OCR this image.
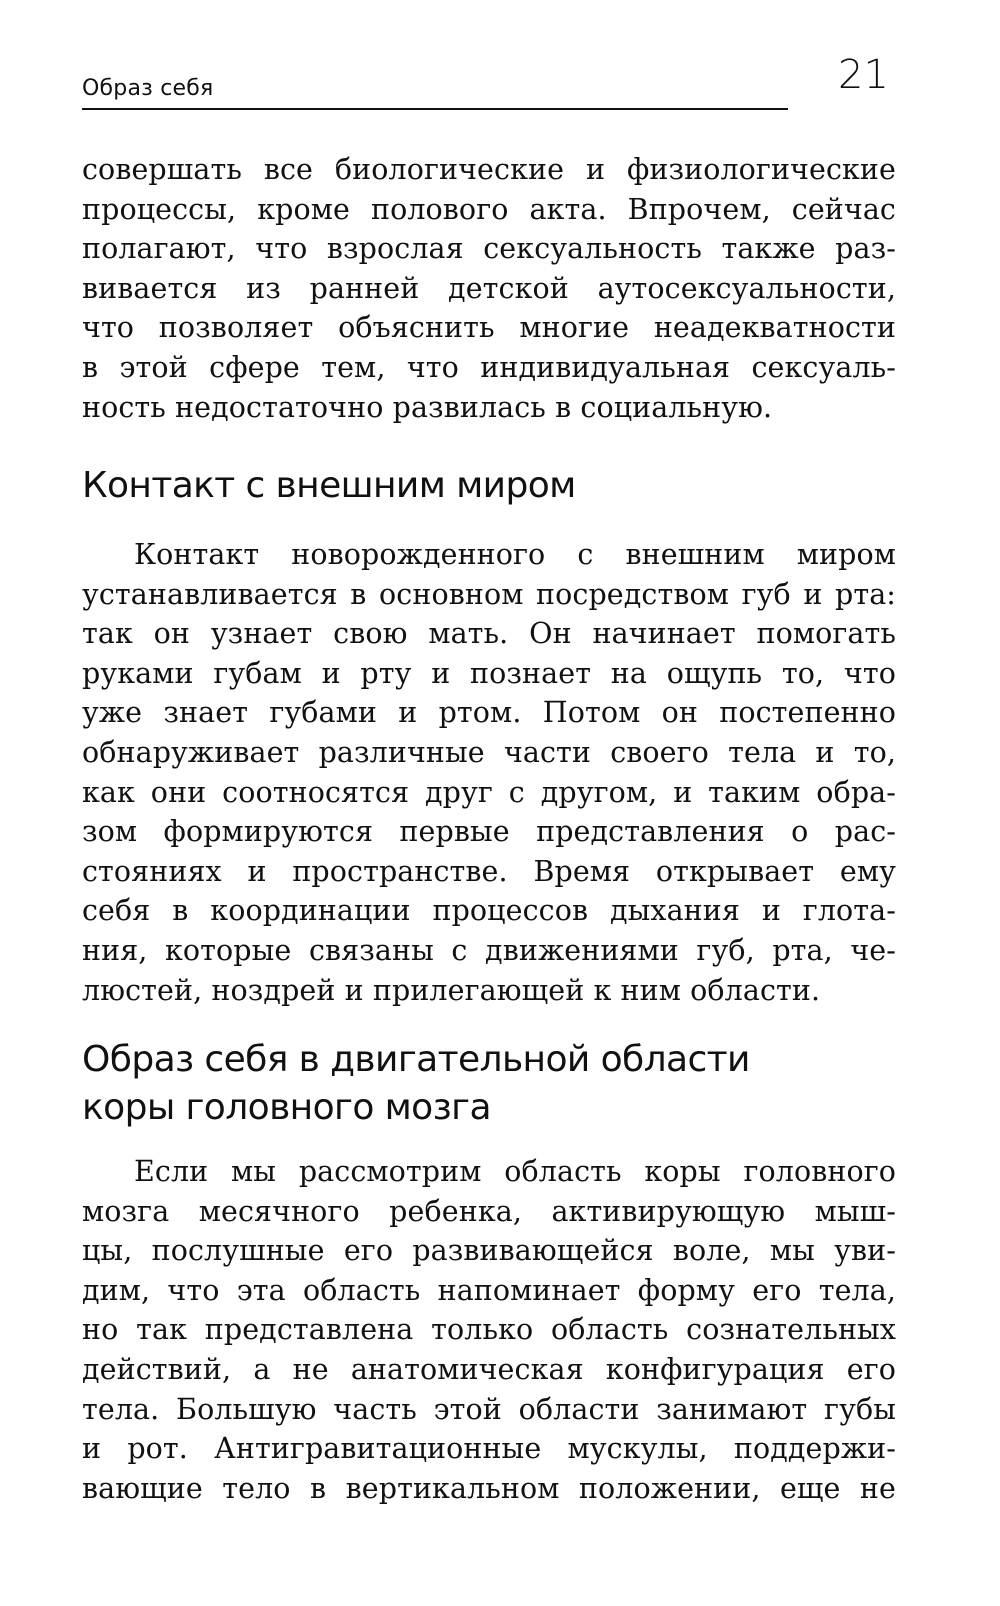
Образ себя	21
совершать все биологические и физиологические
процессы, кроме полового акта. Впрочем, сейчас
полагают, что взрослая сексуальность также раз-
вивается из ранней детской аутосексуальности,
что позволяет объяснить многие неадекватности
в этой сфере тем, что индивидуальная сексуаль-
ность недостаточно развилась в социальную.
Контакт с внешним миром
Контакт новорожденного с внешним миром
устанавливается в основном посредством губ и рта:
так он узнает свою мать. Он начинает помогать
руками губам и рту и познает на ощупь то, что
уже знает губами и ртом. Потом он постепенно
обнаруживает различные части своего тела и то,
как они соотносятся друг с другом, и таким обра-
зом формируются первые представления о рас-
стояниях и пространстве. Время открывает ему
себя в координации процессов дыхания и глота-
ния, которые связаны с движениями губ, рта, че-
люстей, ноздрей и прилегающей к ним области.
Образ себя в двигательной области
коры головного мозга
Если мы рассмотрим область коры головного
мозга месячного ребенка, активирующую мыш-
цы, послушные его развивающейся воле, мы уви-
дим, что эта область напоминает форму его тела,
но так представлена только область сознательных
действий, а не анатомическая конфигурация его
тела. Большую часть этой области занимают губы
и рот. Антигравитационные мускулы, поддержи-
вающие тело в вертикальном положении, еще не
